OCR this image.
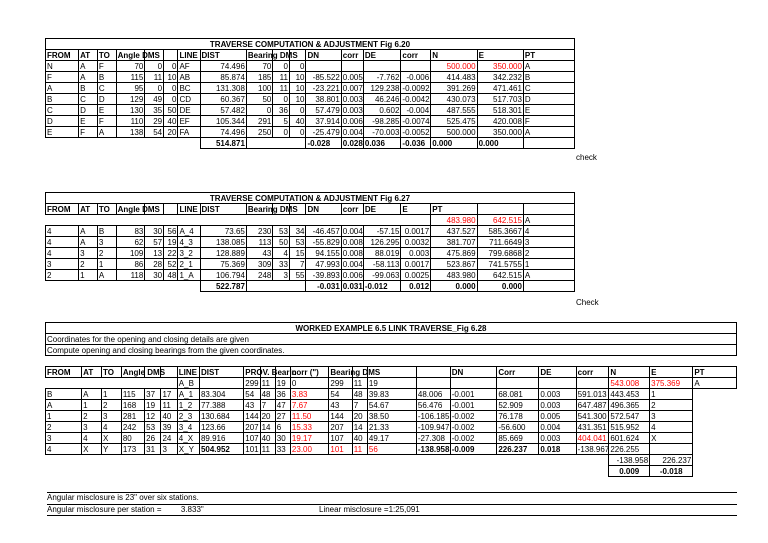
TRAVERSE COMPUTATION & ADJUSTMENT Fig 6.20																	
FROM	AT	TO	Angle DMS			LINE	DIST	Bearing DMS			DN	corr	DE	corr	N	E	PT
N	A	F	70	0	0	AF	74.496	70	0	0					500.000	350.000	A
F	A	B	115	11	10	AB	85.874	185	11	10	-85.522	0.005	-7.762	-0.006	414.483	342.232	B
A	B	C	95	0	0	BC	131.308	100	11	10	-23.221	0.007	129.238	-0.0092	391.269	471.461	C
B	C	D	129	49	0	CD	60.367	50	0	10	38.801	0.003	46.246	-0.0042	430.073	517.703	D
C	D	E	130	35	50	DE	57.482	0	36	0	57.479	0.003	0.602	-0.004	487.555	518.301	E
D	E	F	110	29	40	EF	105.344	291	5	40	37.914	0.006	-98.285	-0.0074	525.475	420.008	F
E	F	A	138	54	20	FA	74.496	250	0	0	-25.479	0.004	-70.003	-0.0052	500.000	350.000	A
							514.871				-0.028	0.028	0.036	-0.036	0.000	0.000	
check
TRAVERSE COMPUTATION & ADJUSTMENT Fig 6.27																	
FROM	AT	TO	Angle DMS			LINE	DIST	Bearing DMS			DN	corr	DE	E	PT		
															483.980	642.515	A
4	A	B	83	30	56	A_4	73.65	230	53	34	-46.457	0.004	-57.15	0.0017	437.527	585.3667	4
4	A	3	62	57	19	4_3	138.085	113	50	53	-55.829	0.008	126.295	0.0032	381.707	711.6649	3
4	3	2	109	13	22	3_2	128.889	43	4	15	94.155	0.008	88.019	0.003	475.869	799.6868	2
3	2	1	86	28	52	2_1	75.369	309	33	7	47.993	0.004	-58.113	0.0017	523.867	741.5755	1
2	1	A	118	30	48	1_A	106.794	248	3	55	-39.893	0.006	-99.063	0.0025	483.980	642.515	A
							522.787				-0.031	0.031	-0.012	0.012	0.000	0.000	
Check
WORKED EXAMPLE 6.5 LINK TRAVERSE_Fig 6.28																						
Coordinates for the opening and closing details are given																						
Compute opening and closing bearings from the given coordinates.																						

FROM	AT	TO	Angle DMS			LINE	DIST	PROV. Bearin			corr (")	Bearing DMS				DN	Corr	DE	corr	N	E	PT
						A_B		299	11	19	0	299	11	19						543.008	375.369	A
B	A	1	115	37	17	A_1	83.304	54	48	36	3.83	54	48	39.83	48.006	-0.001	68.081	0.003	591.013	443.453	1	
A	1	2	168	19	11	1_2	77.388	43	7	47	7.67	43	7	54.67	56.476	-0.001	52.909	0.003	647.487	496.365	2	
1	2	3	281	12	40	2_3	130.684	144	20	27	11.50	144	20	38.50	-106.185	-0.002	76.178	0.005	541.300	572.547	3	
2	3	4	242	53	39	3_4	123.66	207	14	6	15.33	207	14	21.33	-109.947	-0.002	-56.600	0.004	431.351	515.952	4	
3	4	X	80	26	24	4_X	89.916	107	40	30	19.17	107	40	49.17	-27.308	-0.002	85.669	0.003	404.041	601.624	X	
4	X	Y	173	31	3	X_Y	504.952	101	11	33	23.00	101	11	56	-138.958	-0.009	226.237	0.018	-138.967	226.255		
																				-138.958	226.237	
																				0.009	-0.018	
Angular misclosure is 23" over six stations.
Angular misclosure per station = 3.833"	Linear misclosure =1:25,091
